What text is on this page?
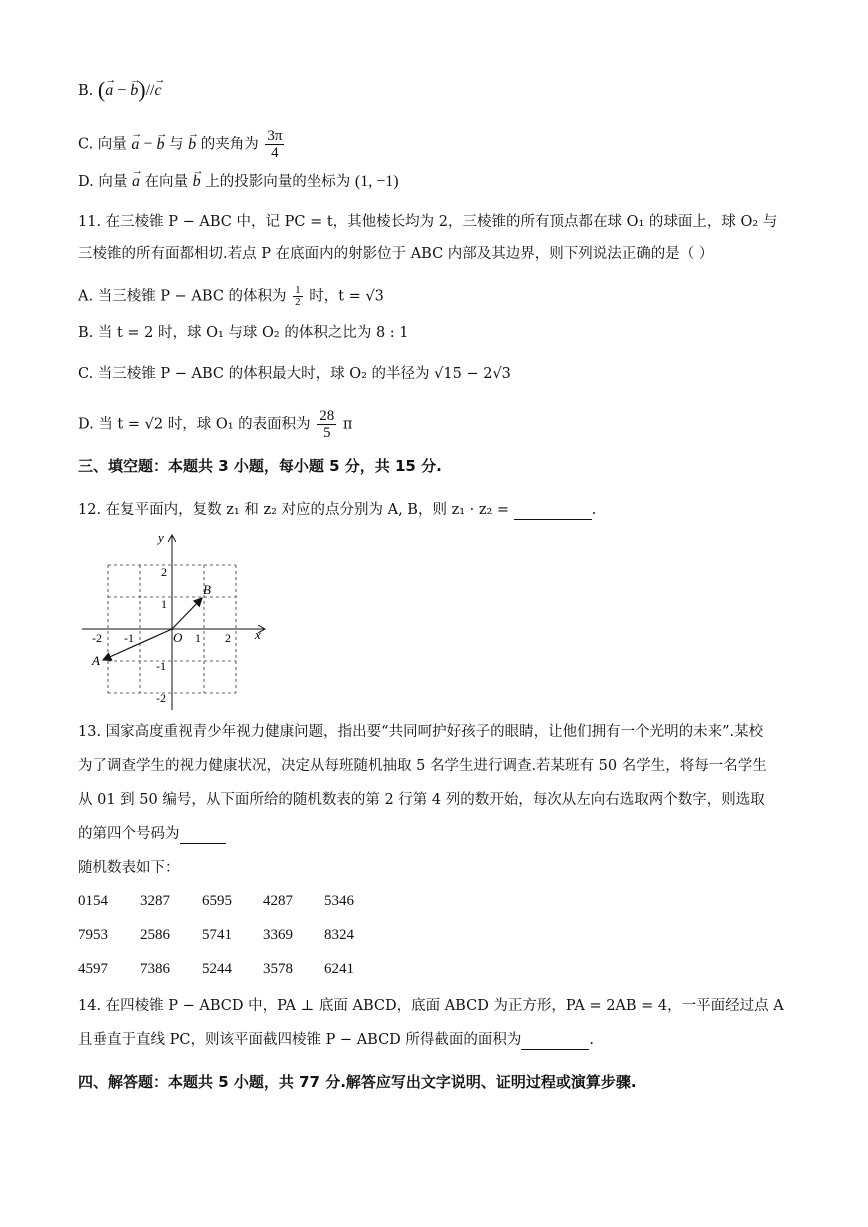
B. (→ a − → b)//→ c
C. 向量 → a − → b 与 → b 的夹角为 $\frac{3\pi}{4}$
D. 向量 → a 在向量 → b 上的投影向量的坐标为 (1, −1)
11. 在三棱锥 P − ABC 中，记 PC = t，其他棱长均为 2，三棱锥的所有顶点都在球 O₁ 的球面上，球 O₂ 与
三棱锥的所有面都相切.若点 P 在底面内的射影位于 ABC 内部及其边界，则下列说法正确的是（ ）
A. 当三棱锥 P − ABC 的体积为 $\frac{1}{2}$ 时，t = √3
B. 当 t = 2 时，球 O₁ 与球 O₂ 的体积之比为 8 : 1
C. 当三棱锥 P − ABC 的体积最大时，球 O₂ 的半径为 √15 − 2√3
D. 当 t = √2 时，球 O₁ 的表面积为 $\frac{28}{5}$ π
三、填空题：本题共 3 小题，每小题 5 分，共 15 分.
12. 在复平面内，复数 z₁ 和 z₂ 对应的点分别为 A, B，则 z₁ · z₂ =	.
x
y
O
-2 -1	1 2
2
1
-1
-2
B
A
13. 国家高度重视青少年视力健康问题，指出要“共同呵护好孩子的眼睛，让他们拥有一个光明的未来”.某校
为了调查学生的视力健康状况，决定从每班随机抽取 5 名学生进行调查.若某班有 50 名学生，将每一名学生
从 01 到 50 编号，从下面所给的随机数表的第 2 行第 4 列的数开始，每次从左向右选取两个数字，则选取
的第四个号码为
随机数表如下：
0154 3287 6595 4287 5346
7953 2586 5741 3369 8324
4597 7386 5244 3578 6241
14. 在四棱锥 P − ABCD 中，PA ⊥ 底面 ABCD，底面 ABCD 为正方形，PA = 2AB = 4，一平面经过点 A
且垂直于直线 PC，则该平面截四棱锥 P − ABCD 所得截面的面积为	.
四、解答题：本题共 5 小题，共 77 分.解答应写出文字说明、证明过程或演算步骤.
